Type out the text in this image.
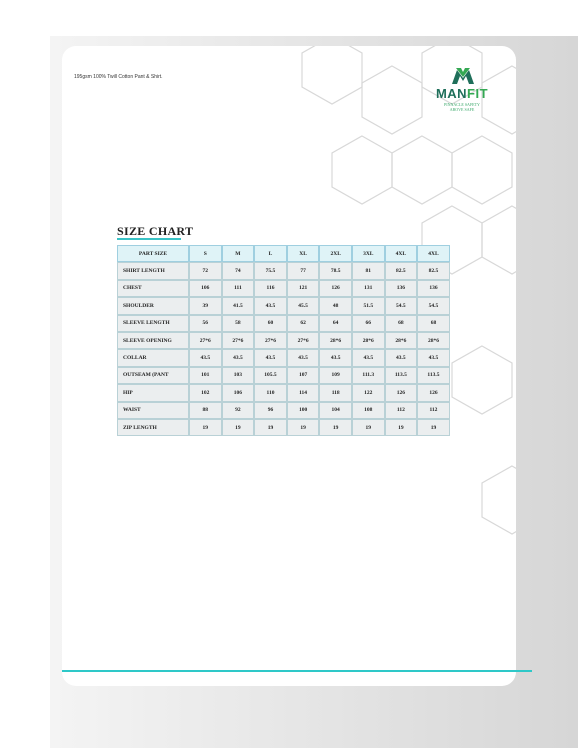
195gsm 100% Twill Cotton Pant & Shirt.
MANFIT
PINNACLE SAFETY
ABOVE SAFE
SIZE CHART
PART SIZE	S	M	L	XL	2XL	3XL	4XL	4XL
SHIRT LENGTH	72	74	75.5	77	78.5	81	82.5	82.5
CHEST	106	111	116	121	126	131	136	136
SHOULDER	39	41.5	43.5	45.5	48	51.5	54.5	54.5
SLEEVE LENGTH	56	58	60	62	64	66	68	68
SLEEVE OPENING	27*6	27*6	27*6	27*6	28*6	28*6	28*6	28*6
COLLAR	43.5	43.5	43.5	43.5	43.5	43.5	43.5	43.5
OUTSEAM (PANT	101	103	105.5	107	109	111.3	113.5	113.5
HIP	102	106	110	114	118	122	126	126
WAIST	88	92	96	100	104	108	112	112
ZIP LENGTH	19	19	19	19	19	19	19	19
